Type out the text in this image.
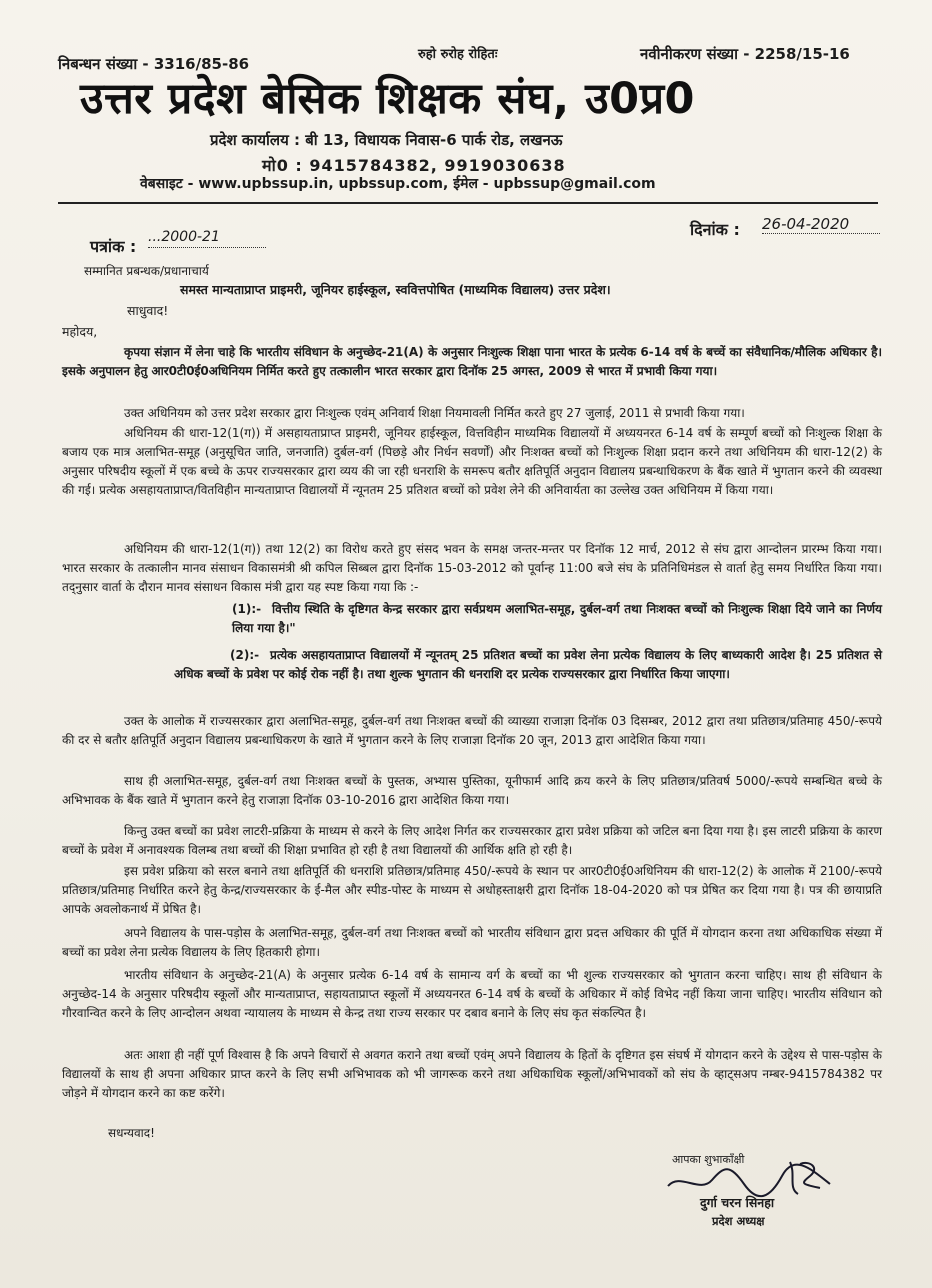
निबन्धन संख्या - 3316/85-86
रुहो रुरोह रोहितः	नवीनीकरण संख्या - 2258/15-16
उत्तर प्रदेश बेसिक शिक्षक संघ, उ0प्र0
प्रदेश कार्यालय : बी 13, विधायक निवास-6 पार्क रोड, लखनऊ
मो0 : 9415784382, 9919030638
वेबसाइट - www.upbssup.in, upbssup.com, ईमेल - upbssup@gmail.com
पत्रांक : ...2000-21	दिनांक : 26-04-2020
सम्मानित प्रबन्धक/प्रधानाचार्य
समस्त मान्यताप्राप्त प्राइमरी, जूनियर हाईस्कूल, स्ववित्तपोषित (माध्यमिक विद्यालय) उत्तर प्रदेश।
साधुवाद!
महोदय,
कृपया संज्ञान में लेना चाहे कि भारतीय संविधान के अनुच्छेद-21(A) के अनुसार निःशुल्क शिक्षा पाना भारत के प्रत्येक 6-14 वर्ष के बच्चें का संवैधानिक/मौलिक अधिकार है। इसके अनुपालन हेतु आर0टी0ई0अधिनियम निर्मित करते हुए तत्कालीन भारत सरकार द्वारा दिनॉक 25 अगस्त, 2009 से भारत में प्रभावी किया गया।
उक्त अधिनियम को उत्तर प्रदेश सरकार द्वारा निःशुल्क एवंम् अनिवार्य शिक्षा नियमावली निर्मित करते हुए 27 जुलाई, 2011 से प्रभावी किया गया।
अधिनियम की धारा-12(1(ग)) में असहायताप्राप्त प्राइमरी, जूनियर हाईस्कूल, वित्तविहीन माध्यमिक विद्यालयों में अध्ययनरत 6-14 वर्ष के सम्पूर्ण बच्चों को निःशुल्क शिक्षा के बजाय एक मात्र अलाभित-समूह (अनुसूचित जाति, जनजाति) दुर्बल-वर्ग (पिछड़े और निर्धन सवर्णों) और निःशक्त बच्चों को निःशुल्क शिक्षा प्रदान करने तथा अधिनियम की धारा-12(2) के अनुसार परिषदीय स्कूलों में एक बच्चे के ऊपर राज्यसरकार द्वारा व्यय की जा रही धनराशि के समरूप बतौर क्षतिपूर्ति अनुदान विद्यालय प्रबन्धाधिकरण के बैंक खाते में भुगतान करने की व्यवस्था की गई। प्रत्येक असहायताप्राप्त/वितविहीन मान्यताप्राप्त विद्यालयों में न्यूनतम 25 प्रतिशत बच्चों को प्रवेश लेने की अनिवार्यता का उल्लेख उक्त अधिनियम में किया गया।
अधिनियम की धारा-12(1(ग)) तथा 12(2) का विरोध करते हुए संसद भवन के समक्ष जन्तर-मन्तर पर दिनॉक 12 मार्च, 2012 से संघ द्वारा आन्दोलन प्रारम्भ किया गया। भारत सरकार के तत्कालीन मानव संसाधन विकासमंत्री श्री कपिल सिब्बल द्वारा दिनॉक 15-03-2012 को पूर्वान्ह 11:00 बजे संघ के प्रतिनिधिमंडल से वार्ता हेतु समय निर्धारित किया गया। तद्नुसार वार्ता के दौरान मानव संसाधन विकास मंत्री द्वारा यह स्पष्ट किया गया कि :-
(1):- वित्तीय स्थिति के दृष्टिगत केन्द्र सरकार द्वारा सर्वप्रथम अलाभित-समूह, दुर्बल-वर्ग तथा निःशक्त बच्चों को निःशुल्क शिक्षा दिये जाने का निर्णय लिया गया है।"
(2):- प्रत्येक असहायताप्राप्त विद्यालयों में न्यूनतम् 25 प्रतिशत बच्चों का प्रवेश लेना प्रत्येक विद्यालय के लिए बाध्यकारी आदेश है। 25 प्रतिशत से अधिक बच्चों के प्रवेश पर कोई रोक नहीं है। तथा शुल्क भुगतान की धनराशि दर प्रत्येक राज्यसरकार द्वारा निर्धारित किया जाएगा।
उक्त के आलोक में राज्यसरकार द्वारा अलाभित-समूह, दुर्बल-वर्ग तथा निःशक्त बच्चों की व्याख्या राजाज्ञा दिनॉक 03 दिसम्बर, 2012 द्वारा तथा प्रतिछात्र/प्रतिमाह 450/-रूपये की दर से बतौर क्षतिपूर्ति अनुदान विद्यालय प्रबन्धाधिकरण के खाते में भुगतान करने के लिए राजाज्ञा दिनॉक 20 जून, 2013 द्वारा आदेशित किया गया।
साथ ही अलाभित-समूह, दुर्बल-वर्ग तथा निःशक्त बच्चों के पुस्तक, अभ्यास पुस्तिका, यूनीफार्म आदि क्रय करने के लिए प्रतिछात्र/प्रतिवर्ष 5000/-रूपये सम्बन्धित बच्चे के अभिभावक के बैंक खाते में भुगतान करने हेतु राजाज्ञा दिनॉक 03-10-2016 द्वारा आदेशित किया गया।
किन्तु उक्त बच्चों का प्रवेश लाटरी-प्रक्रिया के माध्यम से करने के लिए आदेश निर्गत कर राज्यसरकार द्वारा प्रवेश प्रक्रिया को जटिल बना दिया गया है। इस लाटरी प्रक्रिया के कारण बच्चों के प्रवेश में अनावश्यक विलम्ब तथा बच्चों की शिक्षा प्रभावित हो रही है तथा विद्यालयों की आर्थिक क्षति हो रही है।
इस प्रवेश प्रक्रिया को सरल बनाने तथा क्षतिपूर्ति की धनराशि प्रतिछात्र/प्रतिमाह 450/-रूपये के स्थान पर आर0टी0ई0अधिनियम की धारा-12(2) के आलोक में 2100/-रूपये प्रतिछात्र/प्रतिमाह निर्धारित करने हेतु केन्द्र/राज्यसरकार के ई-मैल और स्पीड-पोस्ट के माध्यम से अधोहस्ताक्षरी द्वारा दिनॉक 18-04-2020 को पत्र प्रेषित कर दिया गया है। पत्र की छायाप्रति आपके अवलोकनार्थ में प्रेषित है।
अपने विद्यालय के पास-पड़ोस के अलाभित-समूह, दुर्बल-वर्ग तथा निःशक्त बच्चों को भारतीय संविधान द्वारा प्रदत्त अधिकार की पूर्ति में योगदान करना तथा अधिकाधिक संख्या में बच्चों का प्रवेश लेना प्रत्येक विद्यालय के लिए हितकारी होगा।
भारतीय संविधान के अनुच्छेद-21(A) के अनुसार प्रत्येक 6-14 वर्ष के सामान्य वर्ग के बच्चों का भी शुल्क राज्यसरकार को भुगतान करना चाहिए। साथ ही संविधान के अनुच्छेद-14 के अनुसार परिषदीय स्कूलों और मान्यताप्राप्त, सहायताप्राप्त स्कूलों में अध्ययनरत 6-14 वर्ष के बच्चों के अधिकार में कोई विभेद नहीं किया जाना चाहिए। भारतीय संविधान को गौरवान्वित करने के लिए आन्दोलन अथवा न्यायालय के माध्यम से केन्द्र तथा राज्य सरकार पर दबाव बनाने के लिए संघ कृत संकल्पित है।
अतः आशा ही नहीं पूर्ण विश्वास है कि अपने विचारों से अवगत कराने तथा बच्चों एवंम् अपने विद्यालय के हितों के दृष्टिगत इस संघर्ष में योगदान करने के उद्देश्य से पास-पड़ोस के विद्यालयों के साथ ही अपना अधिकार प्राप्त करने के लिए सभी अभिभावक को भी जागरूक करने तथा अधिकाधिक स्कूलों/अभिभावकों को संघ के व्हाट्सअप नम्बर-9415784382 पर जोड़ने में योगदान करने का कष्ट करेंगे।
सधन्यवाद!
आपका शुभाकाँक्षी
दुर्गा चरन सिनहा
प्रदेश अध्यक्ष
